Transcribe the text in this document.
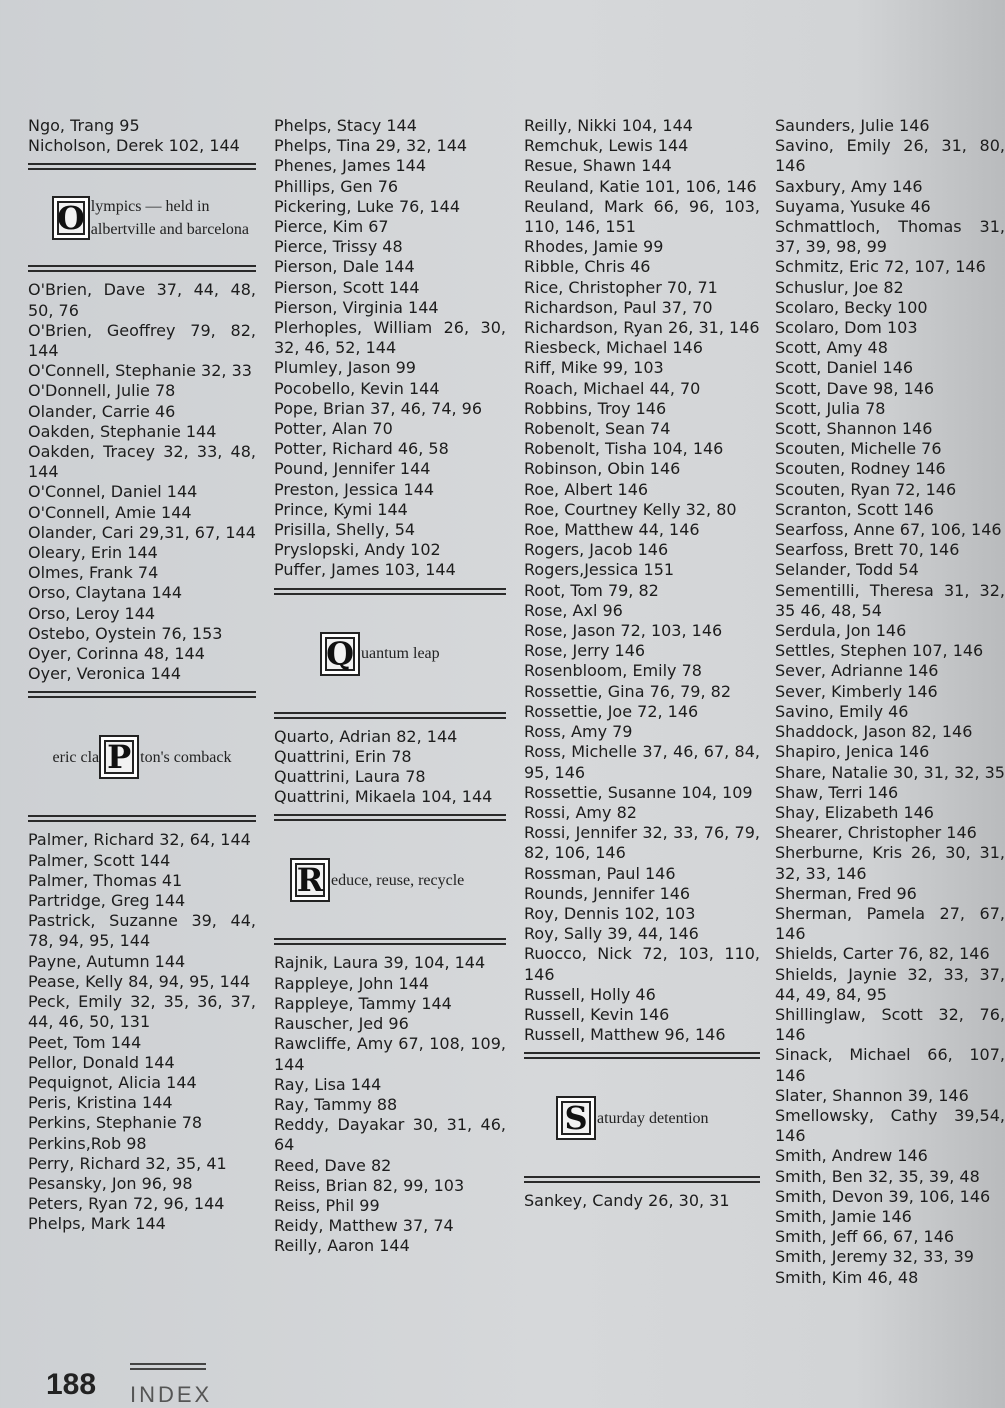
Ngo, Trang 95
Nicholson, Derek 102, 144
O lympics — held in albertville and barcelona
O'Brien, Dave 37, 44, 48, 50, 76
O'Brien, Geoffrey 79, 82, 144
O'Connell, Stephanie 32, 33
O'Donnell, Julie 78
Olander, Carrie 46
Oakden, Stephanie 144
Oakden, Tracey 32, 33, 48, 144
O'Connel, Daniel 144
O'Connell, Amie 144
Olander, Cari 29,31, 67, 144
Oleary, Erin 144
Olmes, Frank 74
Orso, Claytana 144
Orso, Leroy 144
Ostebo, Oystein 76, 153
Oyer, Corinna 48, 144
Oyer, Veronica 144
eric cla P ton's comback
Palmer, Richard 32, 64, 144
Palmer, Scott 144
Palmer, Thomas 41
Partridge, Greg 144
Pastrick, Suzanne 39, 44, 78, 94, 95, 144
Payne, Autumn 144
Pease, Kelly 84, 94, 95, 144
Peck, Emily 32, 35, 36, 37, 44, 46, 50, 131
Peet, Tom 144
Pellor, Donald 144
Pequignot, Alicia 144
Peris, Kristina 144
Perkins, Stephanie 78
Perkins,Rob 98
Perry, Richard 32, 35, 41
Pesansky, Jon 96, 98
Peters, Ryan 72, 96, 144
Phelps, Mark 144
Phelps, Stacy 144
Phelps, Tina 29, 32, 144
Phenes, James 144
Phillips, Gen 76
Pickering, Luke 76, 144
Pierce, Kim 67
Pierce, Trissy 48
Pierson, Dale 144
Pierson, Scott 144
Pierson, Virginia 144
Plerhoples, William 26, 30, 32, 46, 52, 144
Plumley, Jason 99
Pocobello, Kevin 144
Pope, Brian 37, 46, 74, 96
Potter, Alan 70
Potter, Richard 46, 58
Pound, Jennifer 144
Preston, Jessica 144
Prince, Kymi 144
Prisilla, Shelly, 54
Pryslopski, Andy 102
Puffer, James 103, 144
Q uantum leap
Quarto, Adrian 82, 144
Quattrini, Erin 78
Quattrini, Laura 78
Quattrini, Mikaela 104, 144
R educe, reuse, recycle
Rajnik, Laura 39, 104, 144
Rappleye, John 144
Rappleye, Tammy 144
Rauscher, Jed 96
Rawcliffe, Amy 67, 108, 109, 144
Ray, Lisa 144
Ray, Tammy 88
Reddy, Dayakar 30, 31, 46, 64
Reed, Dave 82
Reiss, Brian 82, 99, 103
Reiss, Phil 99
Reidy, Matthew 37, 74
Reilly, Aaron 144
Reilly, Nikki 104, 144
Remchuk, Lewis 144
Resue, Shawn 144
Reuland, Katie 101, 106, 146
Reuland, Mark 66, 96, 103, 110, 146, 151
Rhodes, Jamie 99
Ribble, Chris 46
Rice, Christopher 70, 71
Richardson, Paul 37, 70
Richardson, Ryan 26, 31, 146
Riesbeck, Michael 146
Riff, Mike 99, 103
Roach, Michael 44, 70
Robbins, Troy 146
Robenolt, Sean 74
Robenolt, Tisha 104, 146
Robinson, Obin 146
Roe, Albert 146
Roe, Courtney Kelly 32, 80
Roe, Matthew 44, 146
Rogers, Jacob 146
Rogers,Jessica 151
Root, Tom 79, 82
Rose, Axl 96
Rose, Jason 72, 103, 146
Rose, Jerry 146
Rosenbloom, Emily 78
Rossettie, Gina 76, 79, 82
Rossettie, Joe 72, 146
Ross, Amy 79
Ross, Michelle 37, 46, 67, 84, 95, 146
Rossettie, Susanne 104, 109
Rossi, Amy 82
Rossi, Jennifer 32, 33, 76, 79, 82, 106, 146
Rossman, Paul 146
Rounds, Jennifer 146
Roy, Dennis 102, 103
Roy, Sally 39, 44, 146
Ruocco, Nick 72, 103, 110, 146
Russell, Holly 46
Russell, Kevin 146
Russell, Matthew 96, 146
S aturday detention
Sankey, Candy 26, 30, 31
Saunders, Julie 146
Savino, Emily 26, 31, 80, 146
Saxbury, Amy 146
Suyama, Yusuke 46
Schmattloch, Thomas 31, 37, 39, 98, 99
Schmitz, Eric 72, 107, 146
Schuslur, Joe 82
Scolaro, Becky 100
Scolaro, Dom 103
Scott, Amy 48
Scott, Daniel 146
Scott, Dave 98, 146
Scott, Julia 78
Scott, Shannon 146
Scouten, Michelle 76
Scouten, Rodney 146
Scouten, Ryan 72, 146
Scranton, Scott 146
Searfoss, Anne 67, 106, 146
Searfoss, Brett 70, 146
Selander, Todd 54
Sementilli, Theresa 31, 32, 35 46, 48, 54
Serdula, Jon 146
Settles, Stephen 107, 146
Sever, Adrianne 146
Sever, Kimberly 146
Savino, Emily 46
Shaddock, Jason 82, 146
Shapiro, Jenica 146
Share, Natalie 30, 31, 32, 35
Shaw, Terri 146
Shay, Elizabeth 146
Shearer, Christopher 146
Sherburne, Kris 26, 30, 31, 32, 33, 146
Sherman, Fred 96
Sherman, Pamela 27, 67, 146
Shields, Carter 76, 82, 146
Shields, Jaynie 32, 33, 37, 44, 49, 84, 95
Shillinglaw, Scott 32, 76, 146
Sinack, Michael 66, 107, 146
Slater, Shannon 39, 146
Smellowsky, Cathy 39,54, 146
Smith, Andrew 146
Smith, Ben 32, 35, 39, 48
Smith, Devon 39, 106, 146
Smith, Jamie 146
Smith, Jeff 66, 67, 146
Smith, Jeremy 32, 33, 39
Smith, Kim 46, 48
188 INDEX
